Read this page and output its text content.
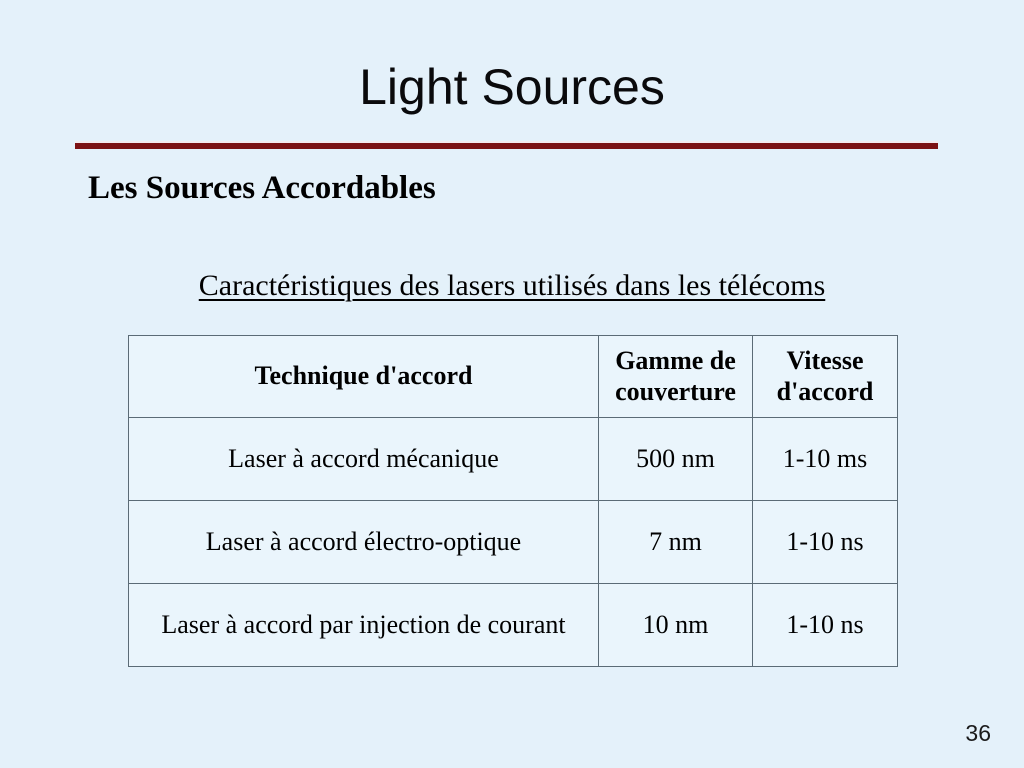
Light Sources
Les Sources Accordables
Caractéristiques des lasers utilisés dans les télécoms
Technique d'accord	Gamme de couverture	Vitesse d'accord
Laser à accord mécanique	500 nm	1-10 ms
Laser à accord électro-optique	7 nm	1-10 ns
Laser à accord par injection de courant	10 nm	1-10 ns
36
